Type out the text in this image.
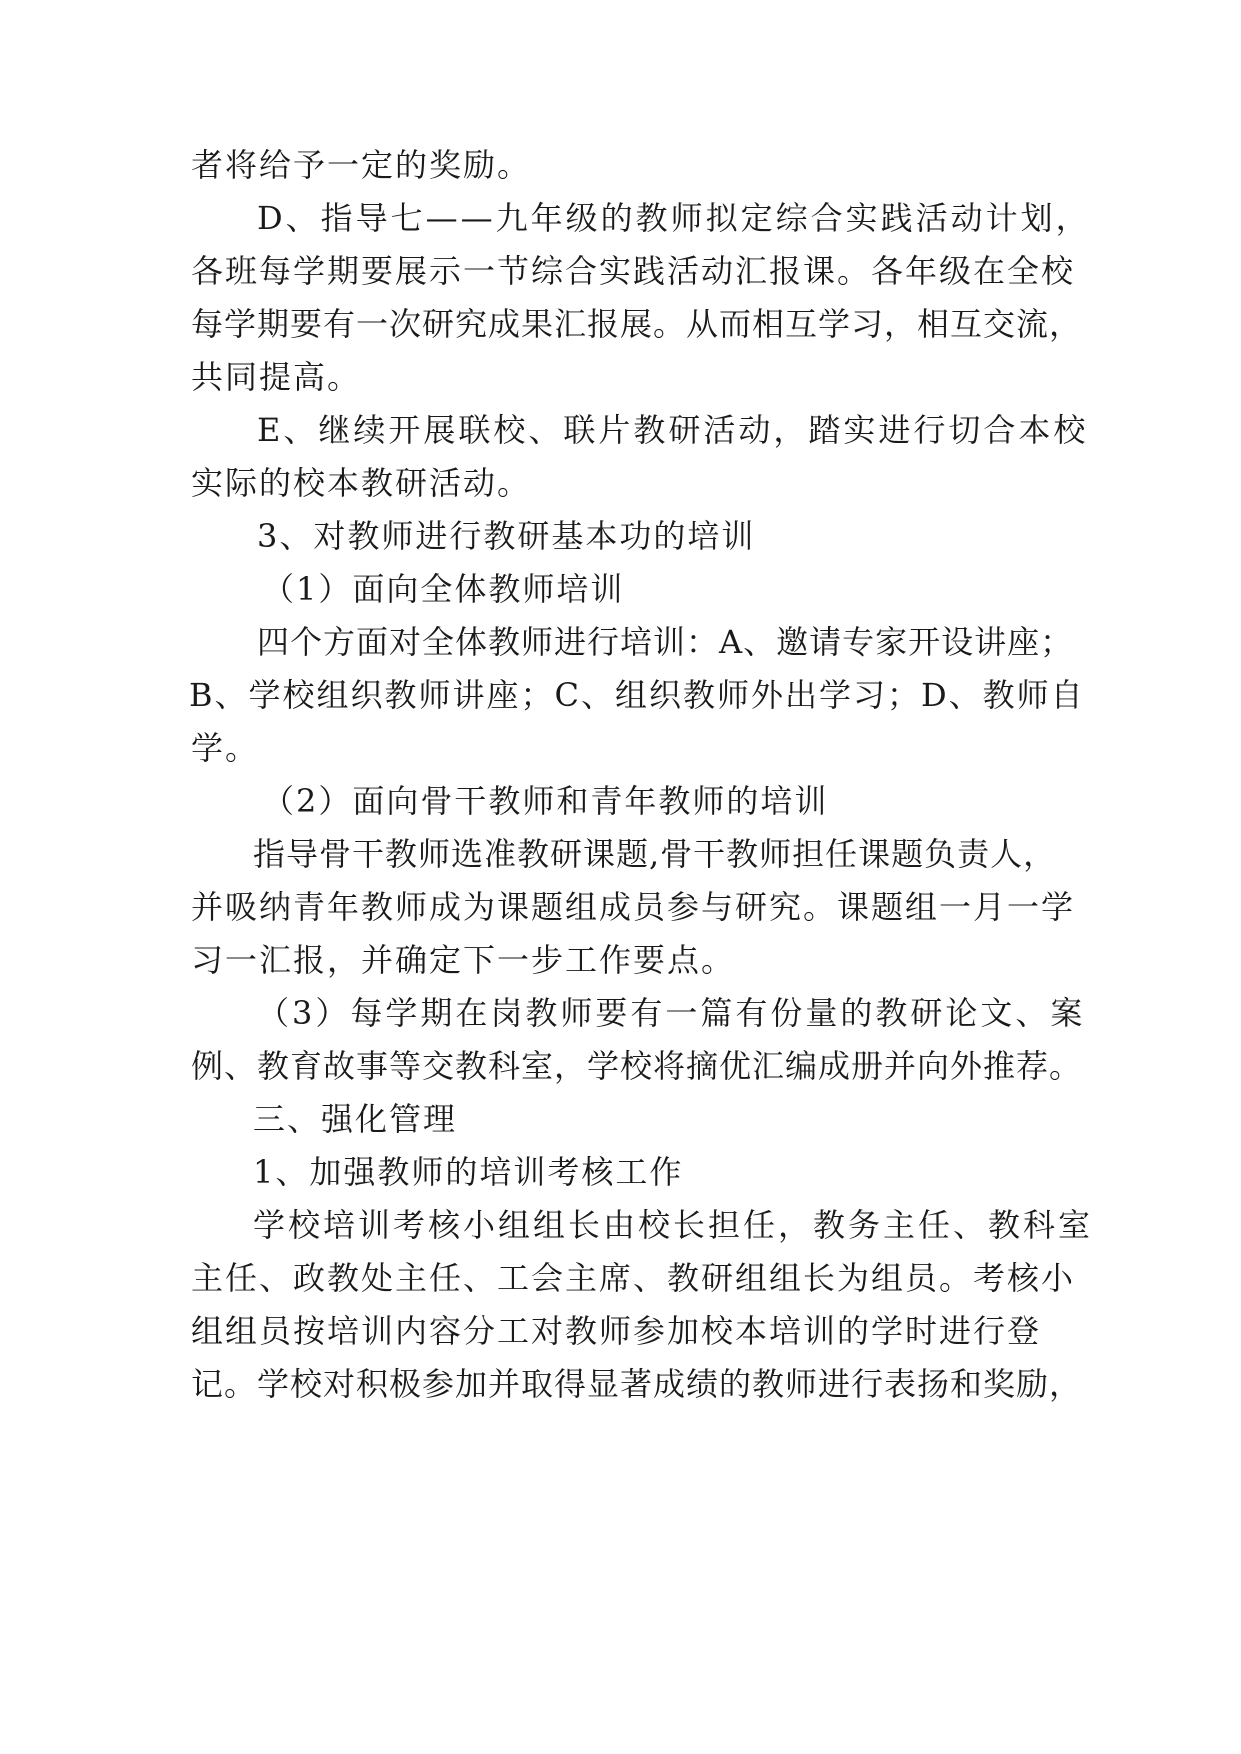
者将给予一定的奖励。
D、指导七——九年级的教师拟定综合实践活动计划，
各班每学期要展示一节综合实践活动汇报课。各年级在全校
每学期要有一次研究成果汇报展。从而相互学习，相互交流，
共同提高。
E、继续开展联校、联片教研活动，踏实进行切合本校
实际的校本教研活动。
3、对教师进行教研基本功的培训
（1）面向全体教师培训
四个方面对全体教师进行培训：A、邀请专家开设讲座；
B、学校组织教师讲座；C、组织教师外出学习；D、教师自
学。
（2）面向骨干教师和青年教师的培训
指导骨干教师选准教研课题,骨干教师担任课题负责人，
并吸纳青年教师成为课题组成员参与研究。课题组一月一学
习一汇报，并确定下一步工作要点。
（3）每学期在岗教师要有一篇有份量的教研论文、案
例、教育故事等交教科室，学校将摘优汇编成册并向外推荐。
三、强化管理
1、加强教师的培训考核工作
学校培训考核小组组长由校长担任，教务主任、教科室
主任、政教处主任、工会主席、教研组组长为组员。考核小
组组员按培训内容分工对教师参加校本培训的学时进行登
记。学校对积极参加并取得显著成绩的教师进行表扬和奖励，
